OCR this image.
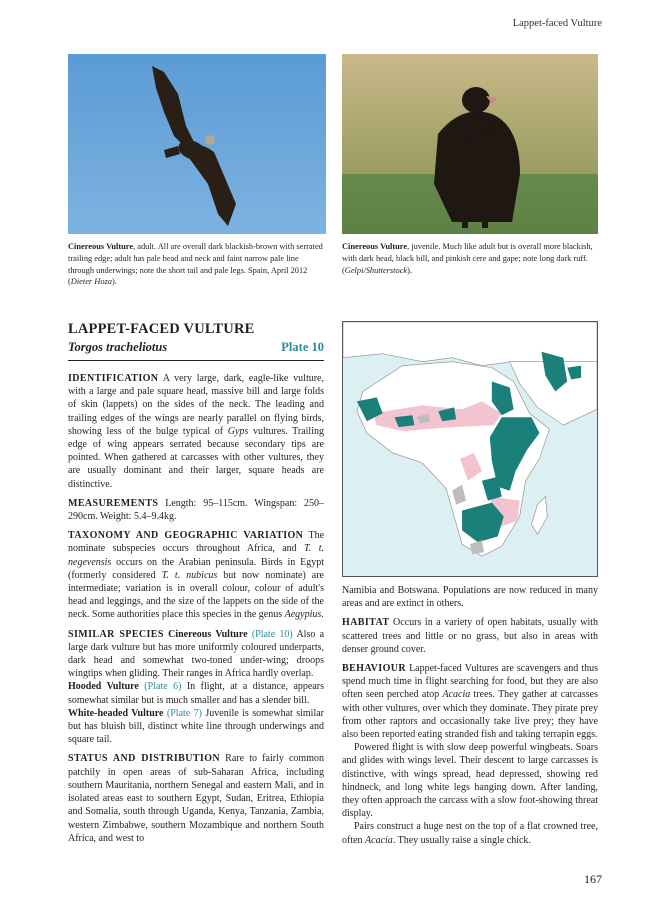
Lappet-faced Vulture
Cinereous Vulture, adult. All are overall dark blackish-brown with serrated trailing edge; adult has pale head and neck and faint narrow pale line through underwings; note the short tail and pale legs. Spain, April 2012 (Dieter Hoza).
Cinereous Vulture, juvenile. Much like adult but is overall more blackish, with dark head, black bill, and pinkish cere and gape; note long dark ruff. (Gelpi/Shutterstock).
LAPPET-FACED VULTURE
Torgos tracheliotus	Plate 10

IDENTIFICATION A very large, dark, eagle-like vulture, with a large and pale square head, massive bill and large folds of skin (lappets) on the sides of the neck. The leading and trailing edges of the wings are nearly parallel on flying birds, showing less of the bulge typical of Gyps vultures. Trailing edge of wing appears serrated because secondary tips are pointed. When gathered at carcasses with other vultures, they are usually dominant and their larger, square heads are distinctive.

MEASUREMENTS Length: 95–115cm. Wingspan: 250–290cm. Weight: 5.4–9.4kg.

TAXONOMY AND GEOGRAPHIC VARIATION The nominate subspecies occurs throughout Africa, and T. t. negevensis occurs on the Arabian peninsula. Birds in Egypt (formerly considered T. t. nubicus but now nominate) are intermediate; variation is in overall colour, colour of adult's head and leggings, and the size of the lappets on the side of the neck. Some authorities place this species in the genus Aegypius.

SIMILAR SPECIES Cinereous Vulture (Plate 10) Also a large dark vulture but has more uniformly coloured underparts, dark head and somewhat two-toned under-wing; droops wingtips when gliding. Their ranges in Africa hardly overlap.

Hooded Vulture (Plate 6) In flight, at a distance, appears somewhat similar but is much smaller and has a slender bill.

White-headed Vulture (Plate 7) Juvenile is somewhat similar but has bluish bill, distinct white line through underwings and square tail.

STATUS AND DISTRIBUTION Rare to fairly common patchily in open areas of sub-Saharan Africa, including southern Mauritania, northern Senegal and eastern Mali, and in isolated areas east to southern Egypt, Sudan, Eritrea, Ethiopia and Somalia, south through Uganda, Kenya, Tanzania, Zambia, western Zimbabwe, southern Mozambique and northern South Africa, and west to

Namibia and Botswana. Populations are now reduced in many areas and are extinct in others.

HABITAT Occurs in a variety of open habitats, usually with scattered trees and little or no grass, but also in areas with denser ground cover.

BEHAVIOUR Lappet-faced Vultures are scavengers and thus spend much time in flight searching for food, but they are also often seen perched atop Acacia trees. They gather at carcasses with other vultures, over which they dominate. They pirate prey from other raptors and occasionally take live prey; they have also been reported eating stranded fish and taking terrapin eggs.

Powered flight is with slow deep powerful wingbeats. Soars and glides with wings level. Their descent to large carcasses is distinctive, with wings spread, head depressed, showing red hindneck, and long white legs hanging down. After landing, they often approach the carcass with a slow foot-showing threat display.

Pairs construct a huge nest on the top of a flat crowned tree, often Acacia. They usually raise a single chick.

167
